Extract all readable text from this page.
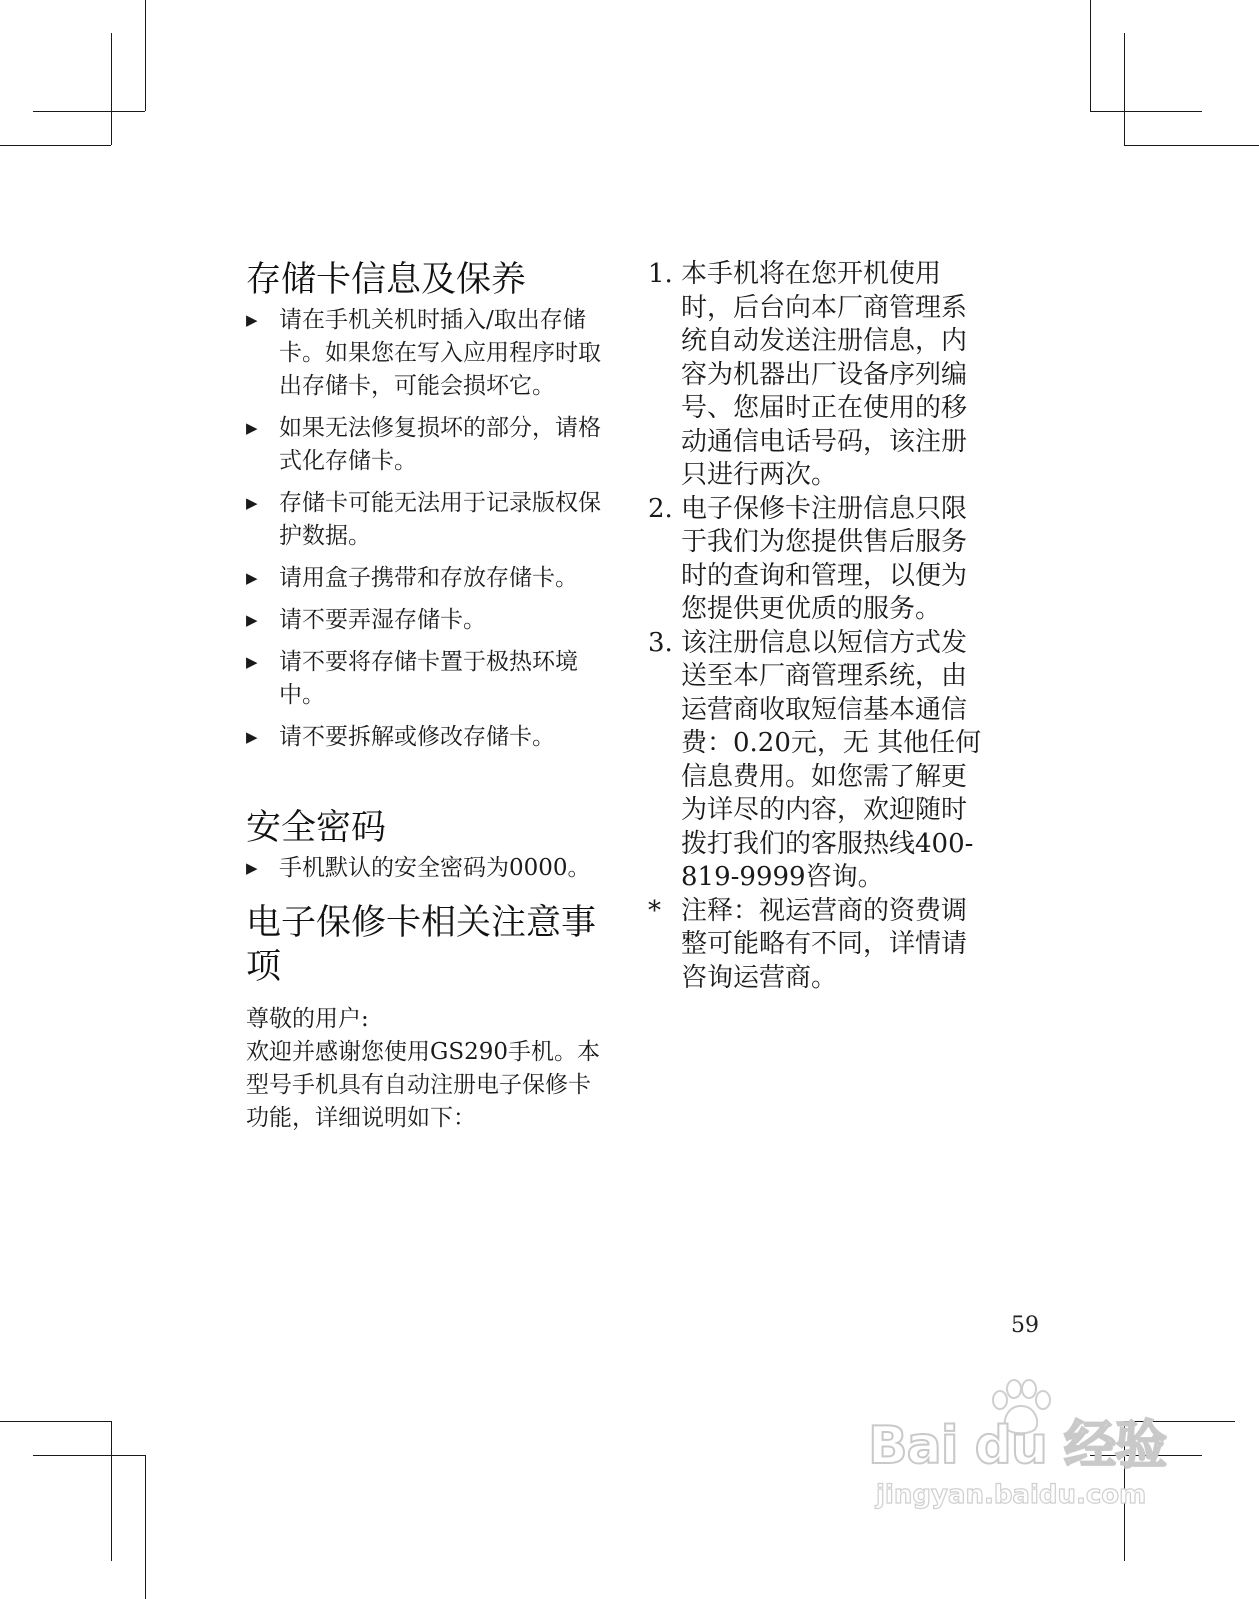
存储卡信息及保养
▶ 请在手机关机时插入/取出存储卡。如果您在写入应用程序时取出存储卡，可能会损坏它。
▶ 如果无法修复损坏的部分，请格式化存储卡。
▶ 存储卡可能无法用于记录版权保护数据。
▶ 请用盒子携带和存放存储卡。
▶ 请不要弄湿存储卡。
▶ 请不要将存储卡置于极热环境中。
▶ 请不要拆解或修改存储卡。
安全密码
▶ 手机默认的安全密码为0000。
电子保修卡相关注意事项

尊敬的用户:

欢迎并感谢您使用GS290手机。本型号手机具有自动注册电子保修卡功能，详细说明如下：

1. 本手机将在您开机使用时，后台向本厂商管理系统自动发送注册信息，内容为机器出厂设备序列编号、您届时正在使用的移动通信电话号码，该注册只进行两次。
2. 电子保修卡注册信息只限于我们为您提供售后服务时的查询和管理，以便为您提供更优质的服务。
3. 该注册信息以短信方式发送至本厂商管理系统，由运营商收取短信基本通信费：0.20元，无 其他任何信息费用。如您需了解更为详尽的内容，欢迎随时拨打我们的客服热线400-819-9999咨询。
* 注释：视运营商的资费调整可能略有不同，详情请咨询运营商。
59
Bai du 经验
jingyan.baidu.com
